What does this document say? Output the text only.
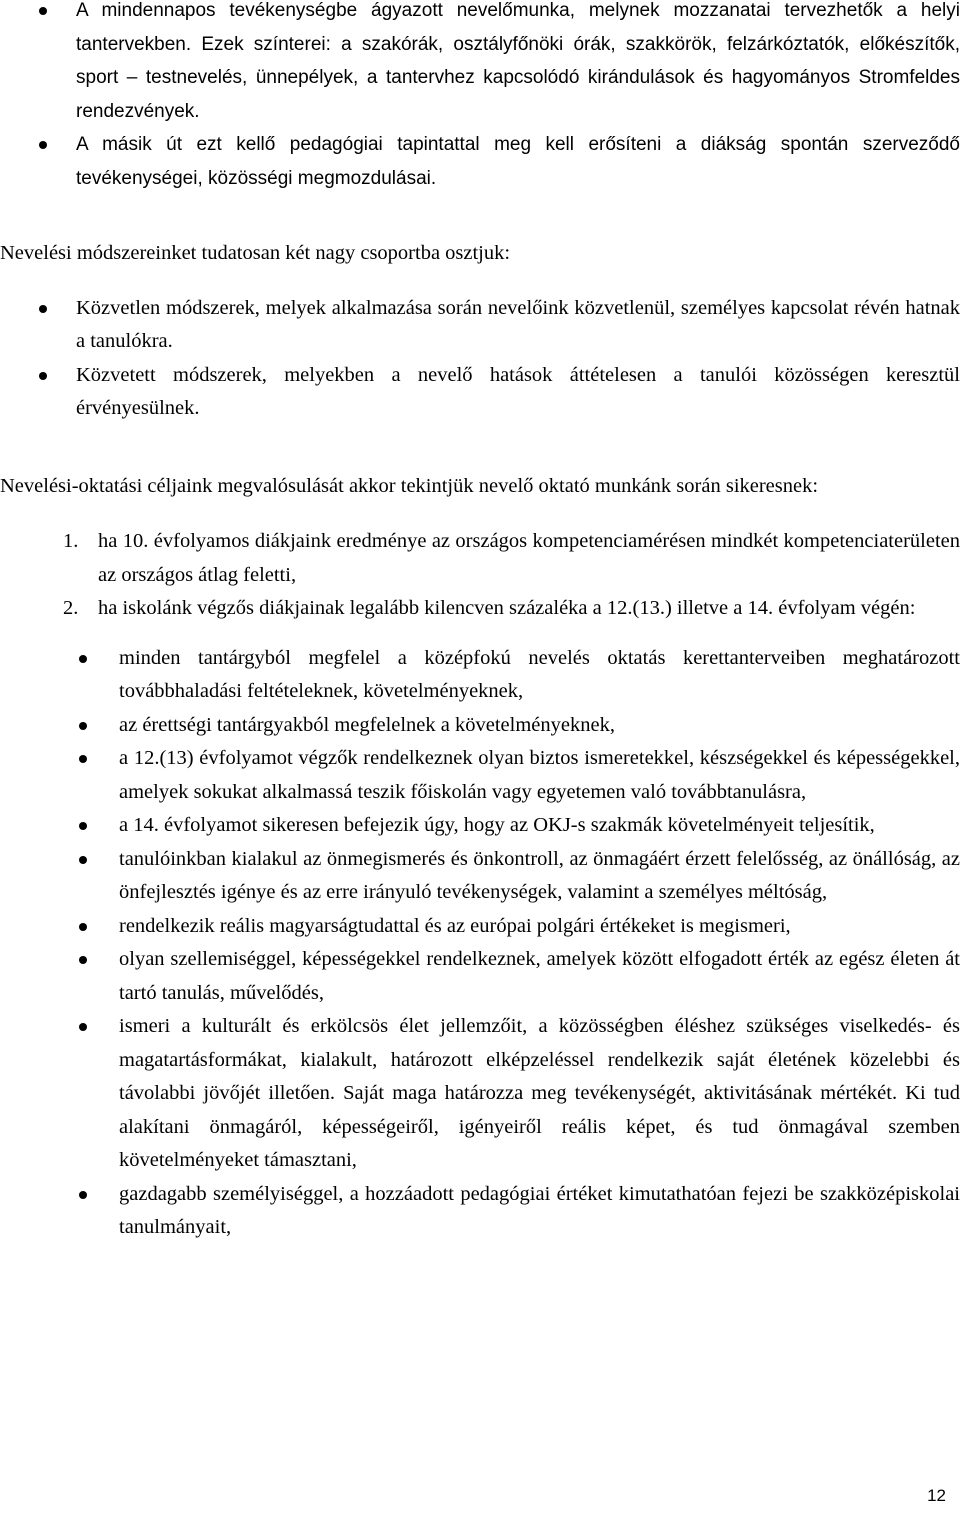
A mindennapos tevékenységbe ágyazott nevelőmunka, melynek mozzanatai tervezhetők a helyi tantervekben. Ezek színterei: a szakórák, osztályfőnöki órák, szakkörök, felzárkóztatók, előkészítők, sport – testnevelés, ünnepélyek, a tantervhez kapcsolódó kirándulások és hagyományos Stromfeldes rendezvények.
A másik út ezt kellő pedagógiai tapintattal meg kell erősíteni a diákság spontán szerveződő tevékenységei, közösségi megmozdulásai.

Nevelési módszereinket tudatosan két nagy csoportba osztjuk:

Közvetlen módszerek, melyek alkalmazása során nevelőink közvetlenül, személyes kapcsolat révén hatnak a tanulókra.
Közvetett módszerek, melyekben a nevelő hatások áttételesen a tanulói közösségen keresztül érvényesülnek.

Nevelési-oktatási céljaink megvalósulását akkor tekintjük nevelő oktató munkánk során sikeresnek:

1. ha 10. évfolyamos diákjaink eredménye az országos kompetenciamérésen mindkét kompetenciaterületen az országos átlag feletti,
2. ha iskolánk végzős diákjainak legalább kilencven százaléka a 12.(13.) illetve a 14. évfolyam végén:
minden tantárgyból megfelel a középfokú nevelés oktatás kerettanterveiben meghatározott továbbhaladási feltételeknek, követelményeknek,
az érettségi tantárgyakból megfelelnek a követelményeknek,
a 12.(13) évfolyamot végzők rendelkeznek olyan biztos ismeretekkel, készségekkel és képességekkel, amelyek sokukat alkalmassá teszik főiskolán vagy egyetemen való továbbtanulásra,
a 14. évfolyamot sikeresen befejezik úgy, hogy az OKJ-s szakmák követelményeit teljesítik,
tanulóinkban kialakul az önmegismerés és önkontroll, az önmagáért érzett felelősség, az önállóság, az önfejlesztés igénye és az erre irányuló tevékenységek, valamint a személyes méltóság,
rendelkezik reális magyarságtudattal és az európai polgári értékeket is megismeri,
olyan szellemiséggel, képességekkel rendelkeznek, amelyek között elfogadott érték az egész életen át tartó tanulás, művelődés,
ismeri a kulturált és erkölcsös élet jellemzőit, a közösségben éléshez szükséges viselkedés- és magatartásformákat, kialakult, határozott elképzeléssel rendelkezik saját életének közelebbi és távolabbi jövőjét illetően. Saját maga határozza meg tevékenységét, aktivitásának mértékét. Ki tud alakítani önmagáról, képességeiről, igényeiről reális képet, és tud önmagával szemben követelményeket támasztani,
gazdagabb személyiséggel, a hozzáadott pedagógiai értéket kimutathatóan fejezi be szakközépiskolai tanulmányait,
12
